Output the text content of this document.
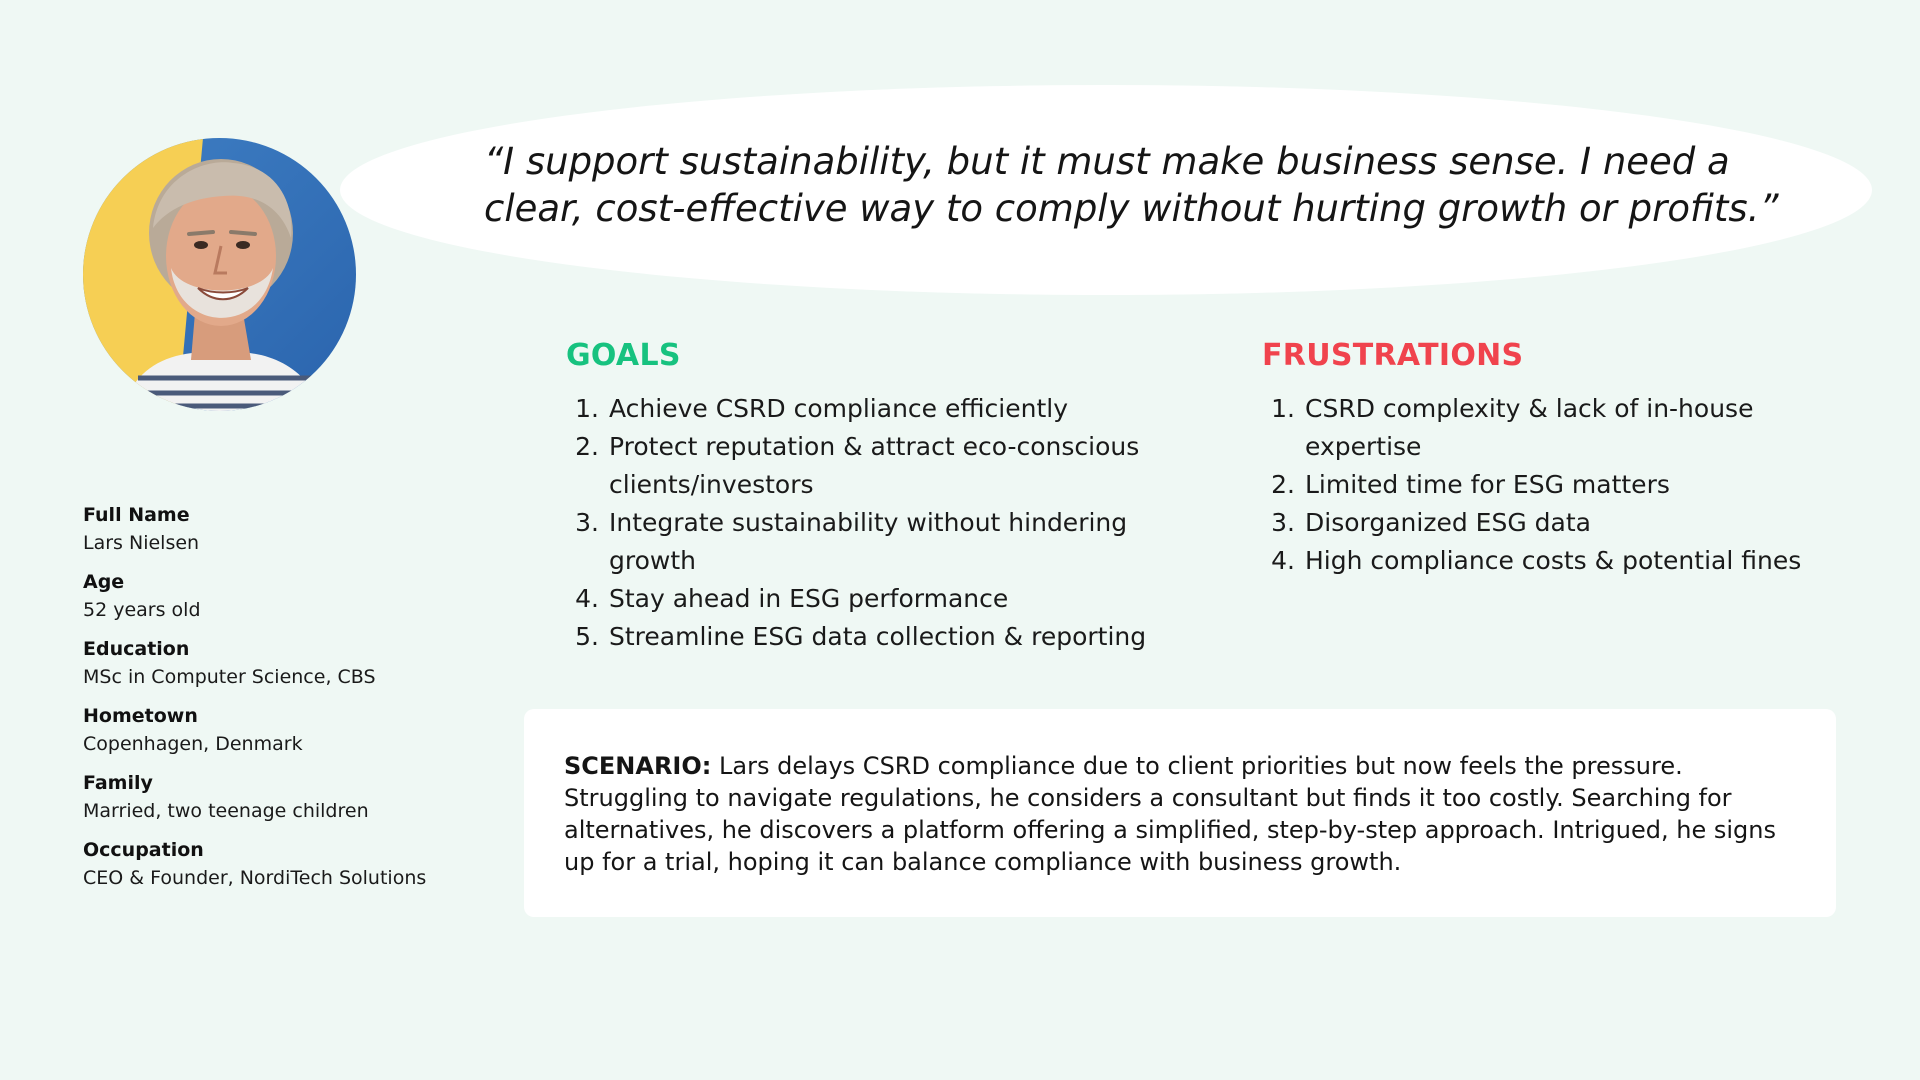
“I support sustainability, but it must make business sense. I need a clear, cost-effective way to comply without hurting growth or profits.”

GOALS
1. Achieve CSRD compliance efficiently
2. Protect reputation & attract eco-conscious clients/investors
3. Integrate sustainability without hindering growth
4. Stay ahead in ESG performance
5. Streamline ESG data collection & reporting
FRUSTRATIONS
1. CSRD complexity & lack of in-house expertise
2. Limited time for ESG matters
3. Disorganized ESG data
4. High compliance costs & potential fines
Full Name
Lars Nielsen
Age
52 years old
Education
MSc in Computer Science, CBS
Hometown
Copenhagen, Denmark
Family
Married, two teenage children
Occupation
CEO & Founder, NordiTech Solutions

SCENARIO: Lars delays CSRD compliance due to client priorities but now feels the pressure. Struggling to navigate regulations, he considers a consultant but finds it too costly. Searching for alternatives, he discovers a platform offering a simplified, step-by-step approach. Intrigued, he signs up for a trial, hoping it can balance compliance with business growth.
